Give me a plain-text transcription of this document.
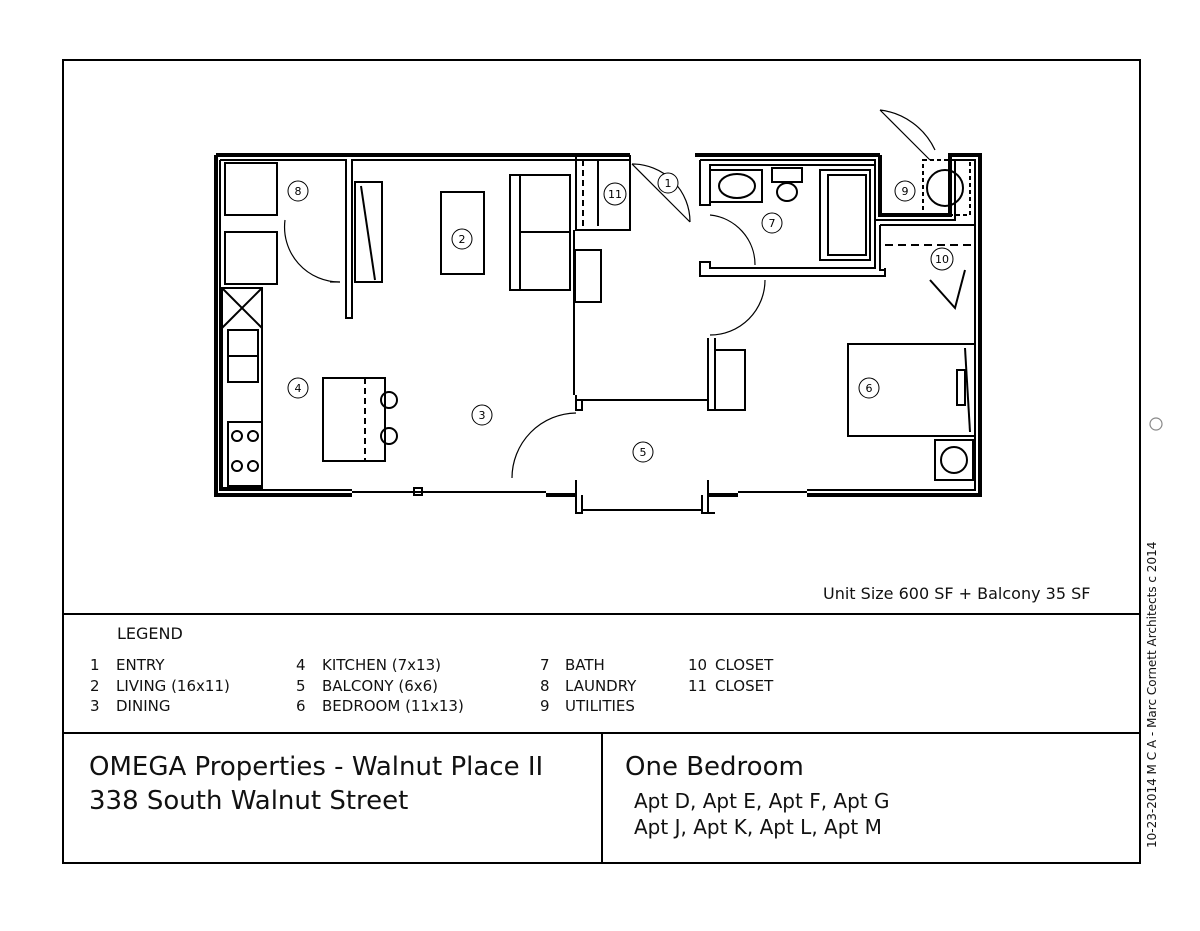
1
2
3
4
5
6
7
8	9
10
11
Unit Size 600 SF + Balcony 35 SF
LEGEND
1 ENTRY
2 LIVING (16x11)
3 DINING
4 KITCHEN (7x13)
5 BALCONY (6x6)
6 BEDROOM (11x13)
7 BATH
8 LAUNDRY
9 UTILITIES
10 CLOSET
11 CLOSET
OMEGA Properties - Walnut Place II
338 South Walnut Street
One Bedroom
Apt D, Apt E, Apt F, Apt G
Apt J, Apt K, Apt L, Apt M	10-23-2014 M C A - Marc Cornett Architects c 2014
